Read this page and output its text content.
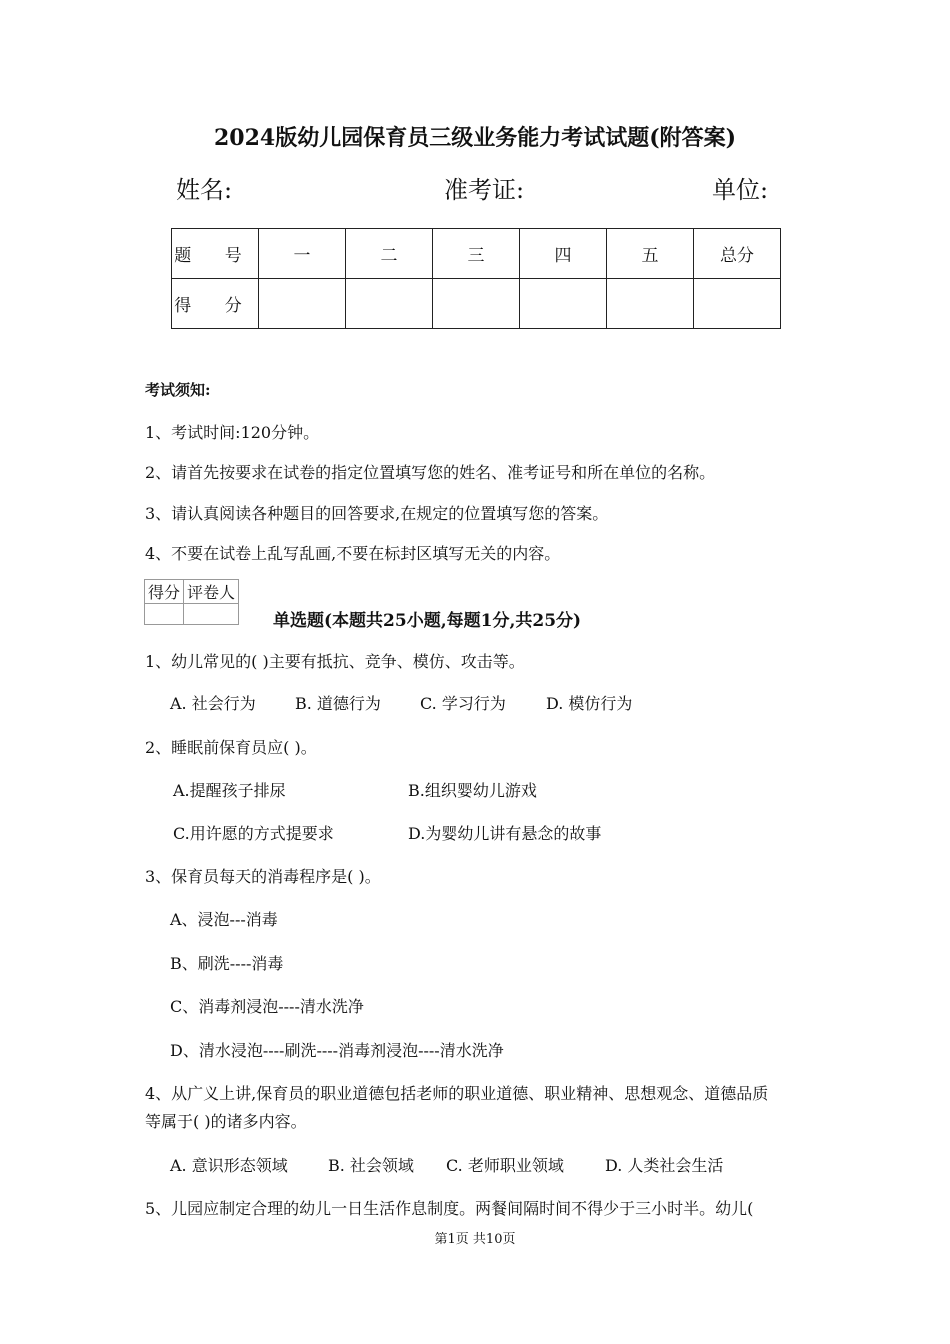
2024版幼儿园保育员三级业务能力考试试题(附答案)
姓名:	准考证:	单位:
题 号	一	二	三	四	五	总分
得 分						
考试须知:
1、考试时间:120分钟。
2、请首先按要求在试卷的指定位置填写您的姓名、准考证号和所在单位的名称。
3、请认真阅读各种题目的回答要求,在规定的位置填写您的答案。
4、不要在试卷上乱写乱画,不要在标封区填写无关的内容。
得分	评卷人

单选题(本题共25小题,每题1分,共25分)
1、幼儿常见的( )主要有抵抗、竞争、模仿、攻击等。
A. 社会行为 B. 道德行为 C. 学习行为	D. 模仿行为
2、睡眠前保育员应( )。
A.提醒孩子排尿	B.组织婴幼儿游戏
C.用许愿的方式提要求	D.为婴幼儿讲有悬念的故事
3、保育员每天的消毒程序是( )。
A、浸泡---消毒
B、刷洗----消毒
C、消毒剂浸泡----清水洗净
D、清水浸泡----刷洗----消毒剂浸泡----清水洗净
4、从广义上讲,保育员的职业道德包括老师的职业道德、职业精神、思想观念、道德品质
等属于( )的诸多内容。
A. 意识形态领域	B. 社会领域 C. 老师职业领域	D. 人类社会生活
5、儿园应制定合理的幼儿一日生活作息制度。两餐间隔时间不得少于三小时半。幼儿(
第1页 共10页
